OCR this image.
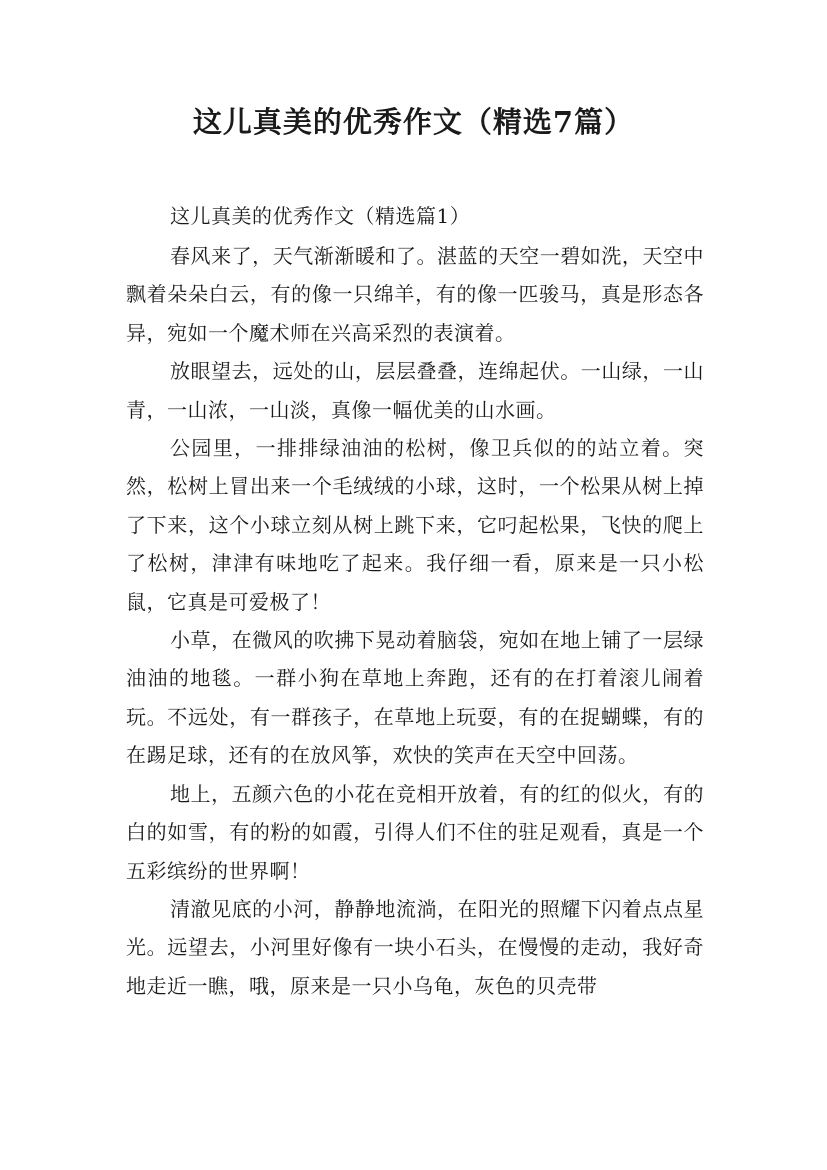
这儿真美的优秀作文（精选7篇）

这儿真美的优秀作文（精选篇1）

春风来了，天气渐渐暖和了。湛蓝的天空一碧如洗，天空中飘着朵朵白云，有的像一只绵羊，有的像一匹骏马，真是形态各异，宛如一个魔术师在兴高采烈的表演着。

放眼望去，远处的山，层层叠叠，连绵起伏。一山绿，一山青，一山浓，一山淡，真像一幅优美的山水画。

公园里，一排排绿油油的松树，像卫兵似的的站立着。突然，松树上冒出来一个毛绒绒的小球，这时，一个松果从树上掉了下来，这个小球立刻从树上跳下来，它叼起松果，飞快的爬上了松树，津津有味地吃了起来。我仔细一看，原来是一只小松鼠，它真是可爱极了！

小草，在微风的吹拂下晃动着脑袋，宛如在地上铺了一层绿油油的地毯。一群小狗在草地上奔跑，还有的在打着滚儿闹着玩。不远处，有一群孩子，在草地上玩耍，有的在捉蝴蝶，有的在踢足球，还有的在放风筝，欢快的笑声在天空中回荡。

地上，五颜六色的小花在竞相开放着，有的红的似火，有的白的如雪，有的粉的如霞，引得人们不住的驻足观看，真是一个五彩缤纷的世界啊！

清澈见底的小河，静静地流淌，在阳光的照耀下闪着点点星光。远望去，小河里好像有一块小石头，在慢慢的走动，我好奇地走近一瞧，哦，原来是一只小乌龟，灰色的贝壳带
